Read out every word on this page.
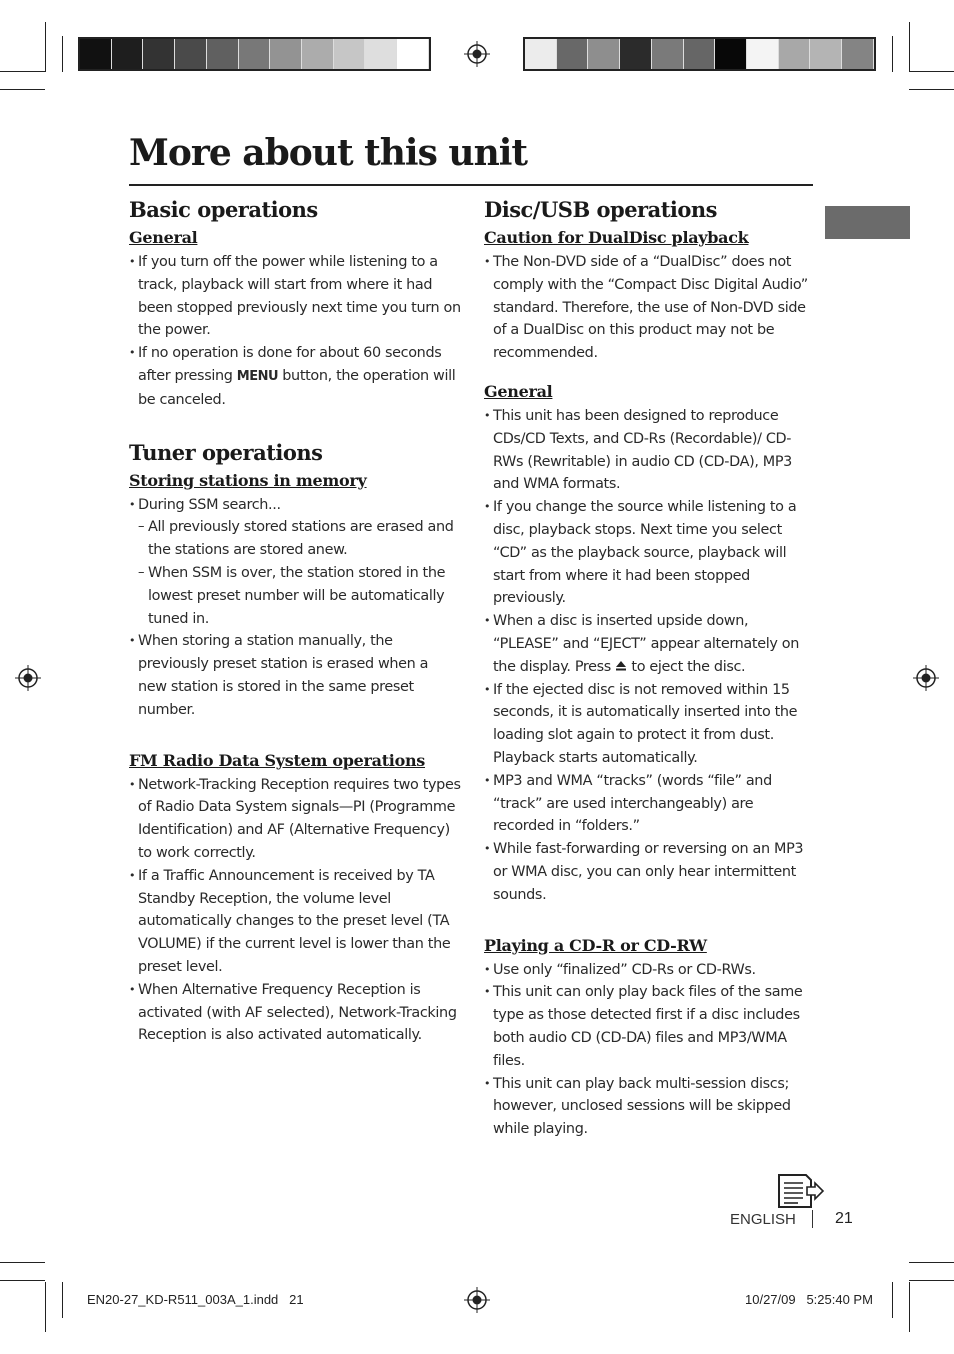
More about this unit
Basic operations
General
• If you turn off the power while listening to a track, playback will start from where it had been stopped previously next time you turn on the power.
• If no operation is done for about 60 seconds after pressing MENU button, the operation will be canceled.
Tuner operations
Storing stations in memory
• During SSM search...
– All previously stored stations are erased and the stations are stored anew.
– When SSM is over, the station stored in the lowest preset number will be automatically tuned in.
• When storing a station manually, the previously preset station is erased when a new station is stored in the same preset number.
FM Radio Data System operations
• Network-Tracking Reception requires two types of Radio Data System signals—PI (Programme Identification) and AF (Alternative Frequency) to work correctly.
• If a Traffic Announcement is received by TA Standby Reception, the volume level automatically changes to the preset level (TA VOLUME) if the current level is lower than the preset level.
• When Alternative Frequency Reception is activated (with AF selected), Network-Tracking Reception is also activated automatically.
Disc/USB operations
Caution for DualDisc playback
• The Non-DVD side of a “DualDisc” does not comply with the “Compact Disc Digital Audio” standard. Therefore, the use of Non-DVD side of a DualDisc on this product may not be recommended.
General
• This unit has been designed to reproduce CDs/CD Texts, and CD-Rs (Recordable)/ CD-RWs (Rewritable) in audio CD (CD-DA), MP3 and WMA formats.
• If you change the source while listening to a disc, playback stops. Next time you select “CD” as the playback source, playback will start from where it had been stopped previously.
• When a disc is inserted upside down, “PLEASE” and “EJECT” appear alternately on the display. Press  to eject the disc.
• If the ejected disc is not removed within 15 seconds, it is automatically inserted into the loading slot again to protect it from dust. Playback starts automatically.
• MP3 and WMA “tracks” (words “file” and “track” are used interchangeably) are recorded in “folders.”
• While fast-forwarding or reversing on an MP3 or WMA disc, you can only hear intermittent sounds.
Playing a CD-R or CD-RW
• Use only “finalized” CD-Rs or CD-RWs.
• This unit can only play back files of the same type as those detected first if a disc includes both audio CD (CD-DA) files and MP3/WMA files.
• This unit can play back multi-session discs; however, unclosed sessions will be skipped while playing.
ENGLISH 21
EN20-27_KD-R511_003A_1.indd   21	10/27/09   5:25:40 PM
